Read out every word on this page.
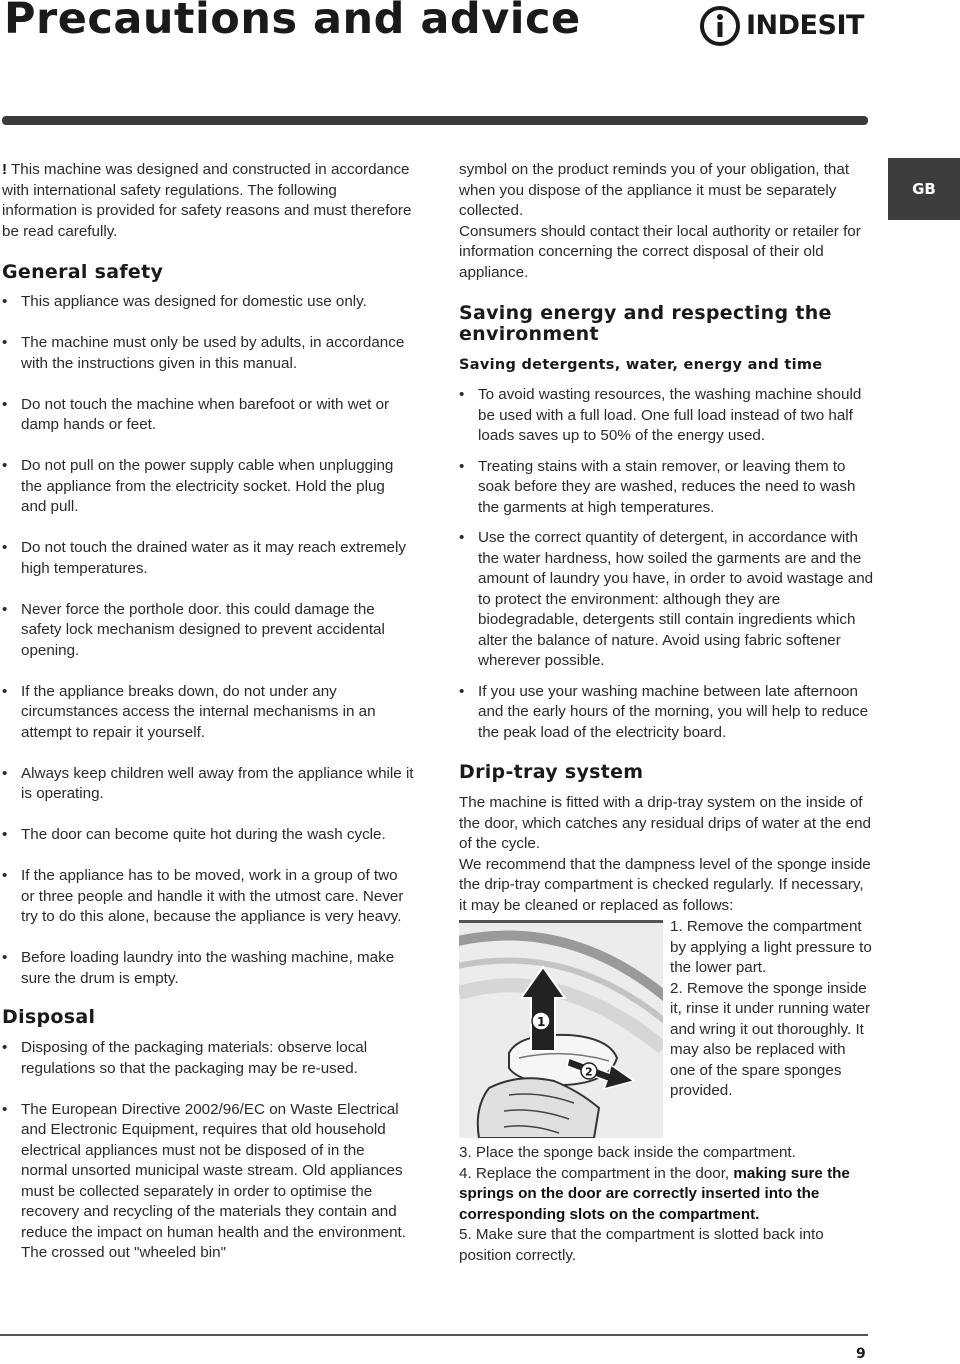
Precautions and advice	INDESIT
GB

! This machine was designed and constructed in accordance with international safety regulations. The following information is provided for safety reasons and must therefore be read carefully.

General safety
• This appliance was designed for domestic use only.
• The machine must only be used by adults, in accordance with the instructions given in this manual.
• Do not touch the machine when barefoot or with wet or damp hands or feet.
• Do not pull on the power supply cable when unplugging the appliance from the electricity socket. Hold the plug and pull.
• Do not touch the drained water as it may reach extremely high temperatures.
• Never force the porthole door. this could damage the safety lock mechanism designed to prevent accidental opening.
• If the appliance breaks down, do not under any circumstances access the internal mechanisms in an attempt to repair it yourself.
• Always keep children well away from the appliance while it is operating.
• The door can become quite hot during the wash cycle.
• If the appliance has to be moved, work in a group of two or three people and handle it with the utmost care. Never try to do this alone, because the appliance is very heavy.
• Before loading laundry into the washing machine, make sure the drum is empty.
Disposal
• Disposing of the packaging materials: observe local regulations so that the packaging may be re-used.
• The European Directive 2002/96/EC on Waste Electrical and Electronic Equipment, requires that old household electrical appliances must not be disposed of in the normal unsorted municipal waste stream. Old appliances must be collected separately in order to optimise the recovery and recycling of the materials they contain and reduce the impact on human health and the environment. The crossed out "wheeled bin"

symbol on the product reminds you of your obligation, that when you dispose of the appliance it must be separately collected.

Consumers should contact their local authority or retailer for information concerning the correct disposal of their old appliance.

Saving energy and respecting the environment
Saving detergents, water, energy and time
• To avoid wasting resources, the washing machine should be used with a full load. One full load instead of two half loads saves up to 50% of the energy used.
• Treating stains with a stain remover, or leaving them to soak before they are washed, reduces the need to wash the garments at high temperatures.
• Use the correct quantity of detergent, in accordance with the water hardness, how soiled the garments are and the amount of laundry you have, in order to avoid wastage and to protect the environment: although they are biodegradable, detergents still contain ingredients which alter the balance of nature. Avoid using fabric softener wherever possible.
• If you use your washing machine between late afternoon and the early hours of the morning, you will help to reduce the peak load of the electricity board.
Drip-tray system

The machine is fitted with a drip-tray system on the inside of the door, which catches any residual drips of water at the end of the cycle.

We recommend that the dampness level of the sponge inside the drip-tray compartment is checked regularly. If necessary, it may be cleaned or replaced as follows:

1
2

1. Remove the compartment by applying a light pressure to the lower part.

2. Remove the sponge inside it, rinse it under running water and wring it out thoroughly. It may also be replaced with one of the spare sponges provided.

3. Place the sponge back inside the compartment.

4. Replace the compartment in the door, making sure the springs on the door are correctly inserted into the corresponding slots on the compartment.

5. Make sure that the compartment is slotted back into position correctly.

9
